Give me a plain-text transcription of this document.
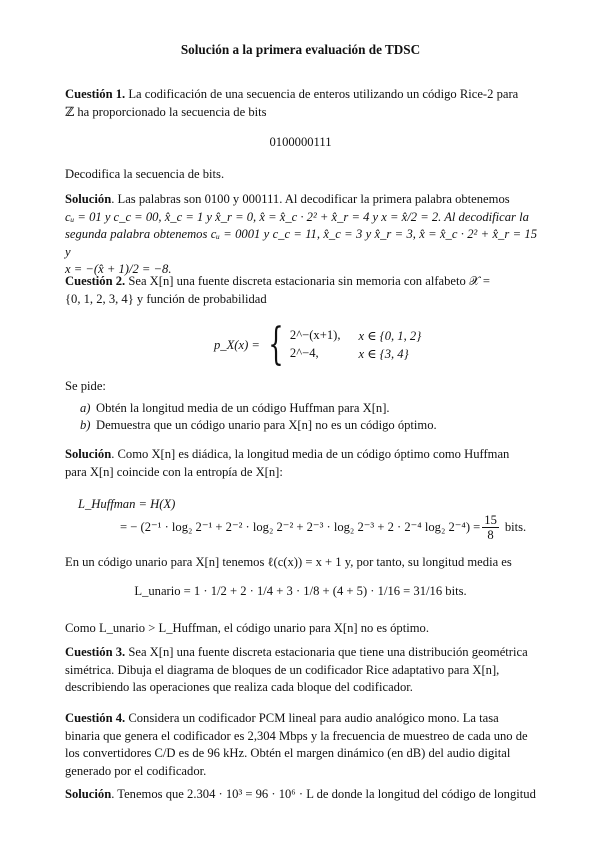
Solución a la primera evaluación de TDSC

Cuestión 1. La codificación de una secuencia de enteros utilizando un código Rice-2 para
ℤ ha proporcionado la secuencia de bits

0100000111

Decodifica la secuencia de bits.

Solución. Las palabras son 0100 y 000111. Al decodificar la primera palabra obtenemos
cᵤ = 01 y c_c = 00, x̂_c = 1 y x̂_r = 0, x̂ = x̂_c · 2² + x̂_r = 4 y x = x̂/2 = 2. Al decodificar la
segunda palabra obtenemos cᵤ = 0001 y c_c = 11, x̂_c = 3 y x̂_r = 3, x̂ = x̂_c · 2² + x̂_r = 15 y
x = −(x̂ + 1)/2 = −8.

Cuestión 2. Sea X[n] una fuente discreta estacionaria sin memoria con alfabeto 𝒳 =
{0, 1, 2, 3, 4} y función de probabilidad

p_X(x) = { 2^−(x+1), x ∈ {0, 1, 2}
2^−4,	x ∈ {3, 4}

Se pide:

a) Obtén la longitud media de un código Huffman para X[n].
b) Demuestra que un código unario para X[n] no es un código óptimo.

Solución. Como X[n] es diádica, la longitud media de un código óptimo como Huffman
para X[n] coincide con la entropía de X[n]:

L_Huffman = H(X)
= − (2⁻¹ · log₂ 2⁻¹ + 2⁻² · log₂ 2⁻² + 2⁻³ · log₂ 2⁻³ + 2 · 2⁻⁴ log₂ $2^{-4}) = \frac{15}{8}$ bits.

En un código unario para X[n] tenemos ℓ(c(x)) = x + 1 y, por tanto, su longitud media es

L_unario = 1 · 1/2 + 2 · 1/4 + 3 · 1/8 + (4 + 5) · 1/16 = 31/16 bits.

Como L_unario > L_Huffman, el código unario para X[n] no es óptimo.

Cuestión 3. Sea X[n] una fuente discreta estacionaria que tiene una distribución geométrica
simétrica. Dibuja el diagrama de bloques de un codificador Rice adaptativo para X[n],
describiendo las operaciones que realiza cada bloque del codificador.

Cuestión 4. Considera un codificador PCM lineal para audio analógico mono. La tasa
binaria que genera el codificador es 2,304 Mbps y la frecuencia de muestreo de cada uno de
los convertidores C/D es de 96 kHz. Obtén el margen dinámico (en dB) del audio digital
generado por el codificador.

Solución. Tenemos que 2.304 · 10³ = 96 · 10⁶ · L de donde la longitud del código de longitud
